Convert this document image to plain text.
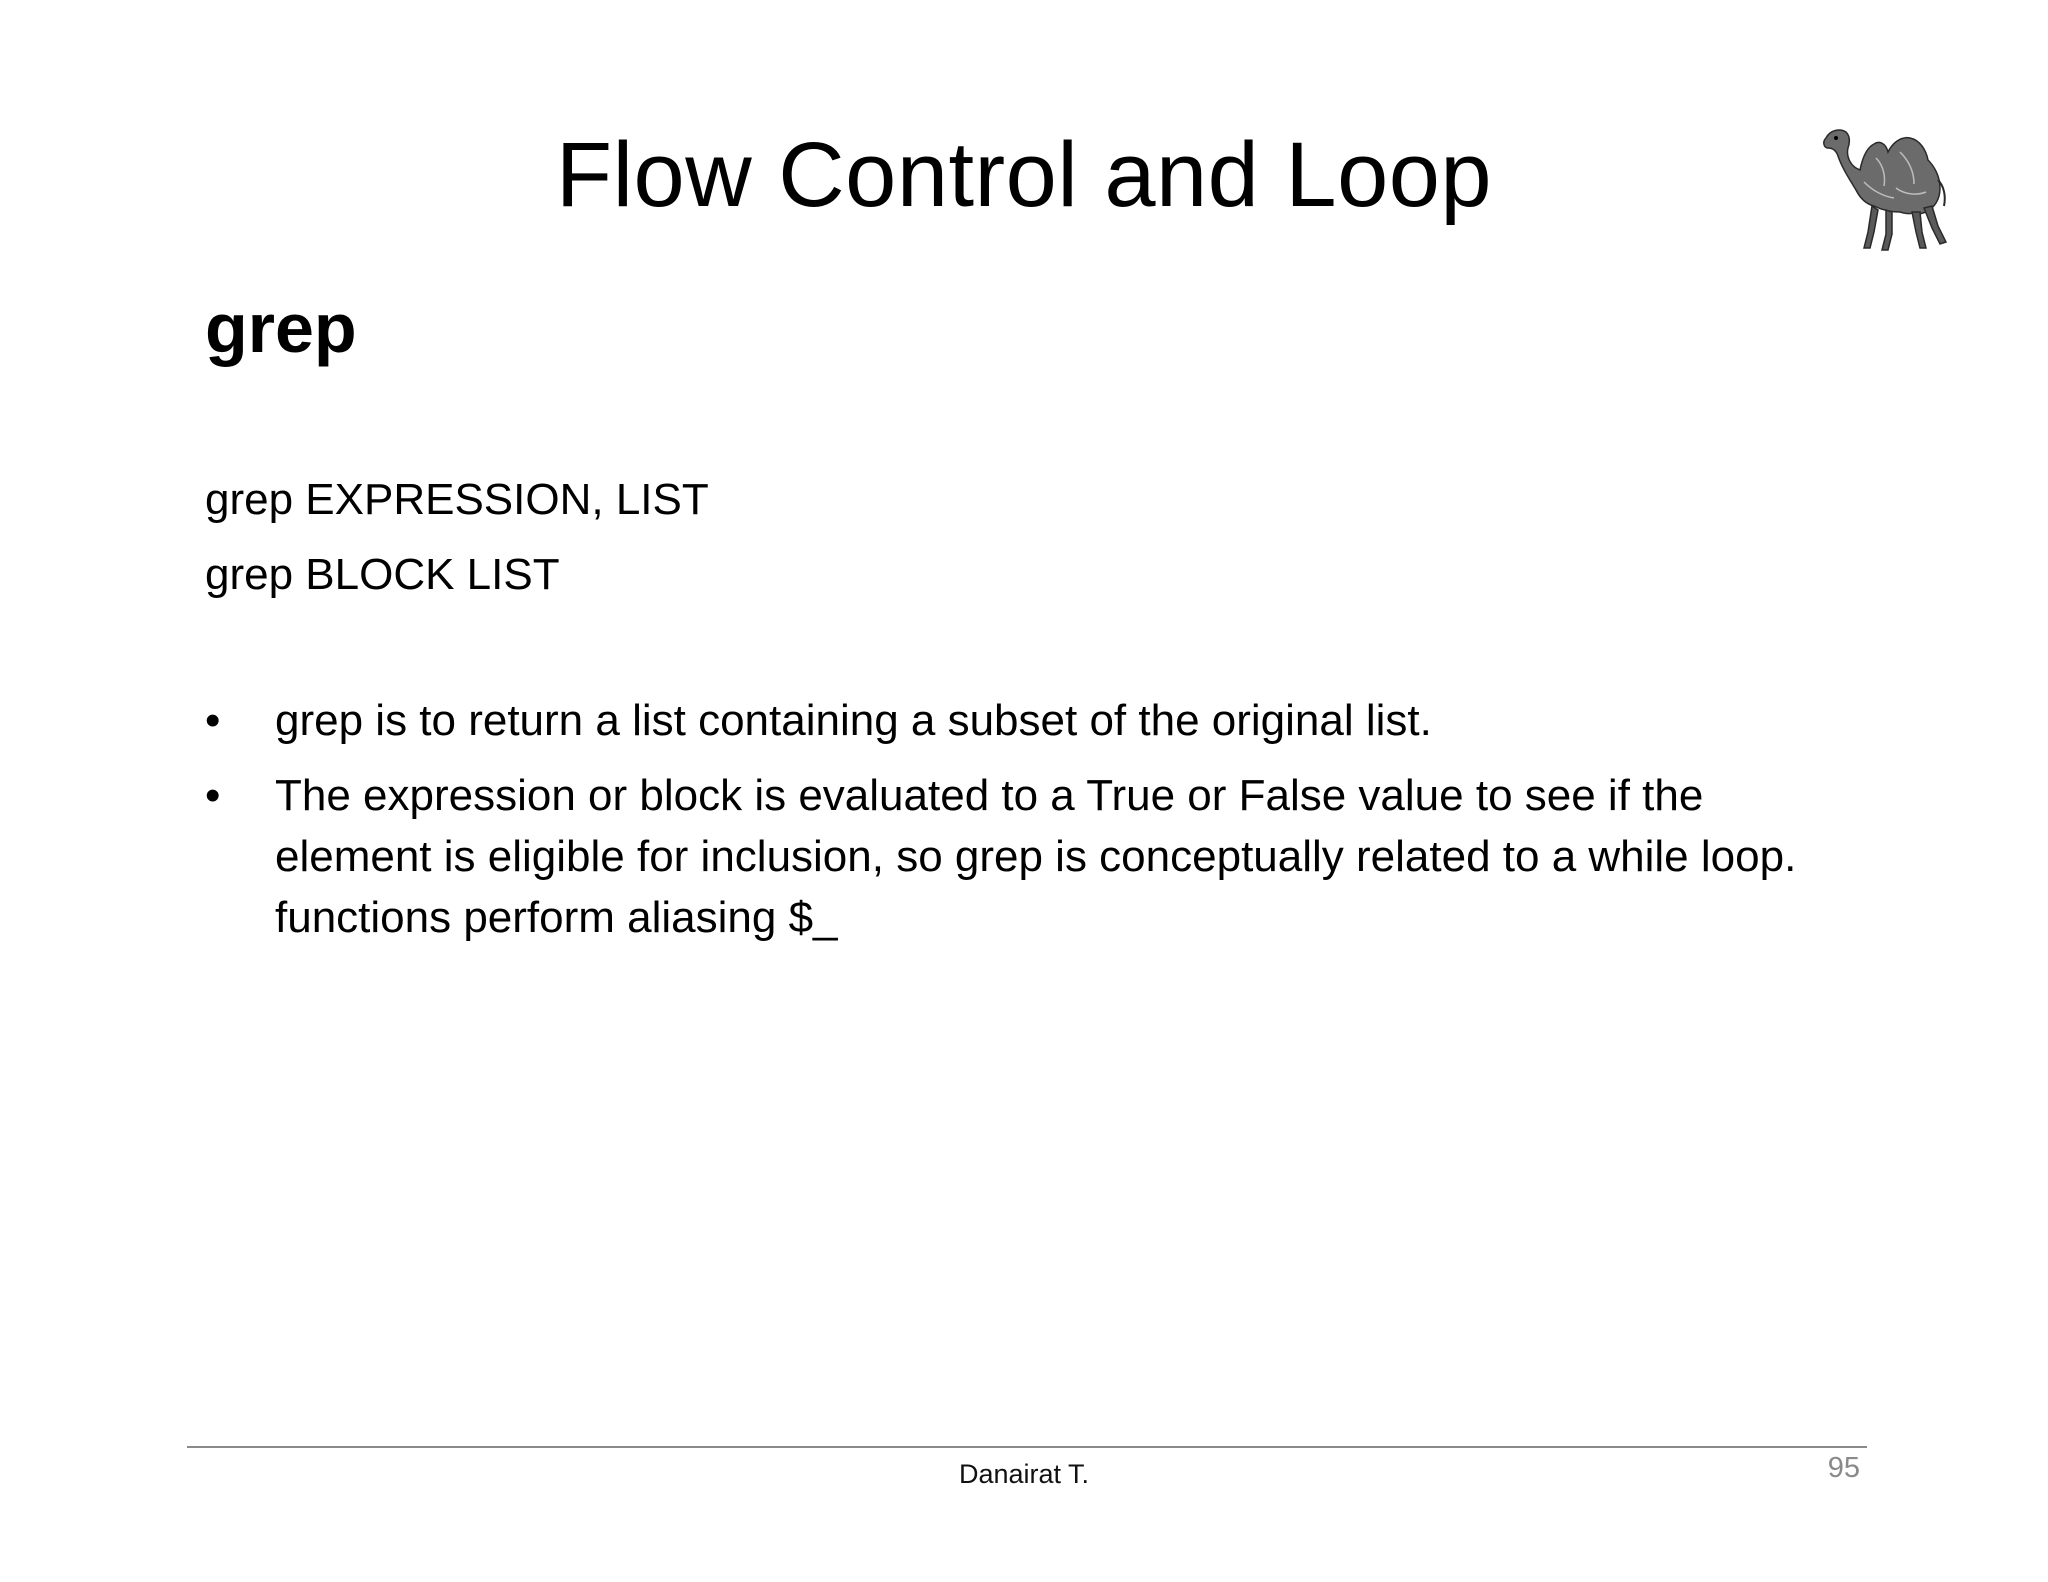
Flow Control and Loop
grep
grep EXPRESSION, LIST
grep BLOCK LIST
•	grep is to return a list containing a subset of the original list.
•	The expression or block is evaluated to a True or False value to see if the element is eligible for inclusion, so grep is conceptually related to a while loop. functions perform aliasing $_
Danairat T.	95
